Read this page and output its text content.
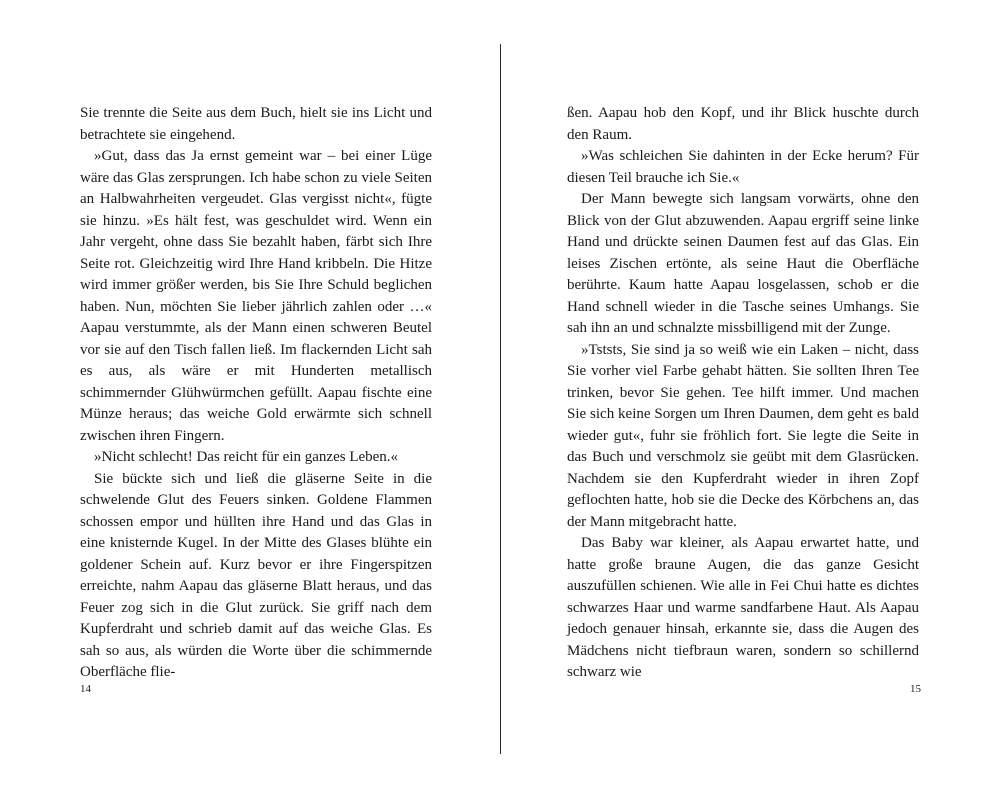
Sie trennte die Seite aus dem Buch, hielt sie ins Licht und betrachtete sie eingehend.

»Gut, dass das Ja ernst gemeint war – bei einer Lüge wäre das Glas zersprungen. Ich habe schon zu viele Seiten an Halbwahrheiten vergeudet. Glas vergisst nicht«, fügte sie hinzu. »Es hält fest, was geschuldet wird. Wenn ein Jahr vergeht, ohne dass Sie bezahlt haben, färbt sich Ihre Seite rot. Gleichzeitig wird Ihre Hand kribbeln. Die Hitze wird immer größer werden, bis Sie Ihre Schuld beglichen haben. Nun, möchten Sie lieber jährlich zahlen oder …« Aapau verstummte, als der Mann einen schweren Beutel vor sie auf den Tisch fallen ließ. Im flackernden Licht sah es aus, als wäre er mit Hunderten metallisch schimmernder Glühwürmchen gefüllt. Aapau fischte eine Münze heraus; das weiche Gold erwärmte sich schnell zwischen ihren Fingern.

»Nicht schlecht! Das reicht für ein ganzes Leben.«

Sie bückte sich und ließ die gläserne Seite in die schwelende Glut des Feuers sinken. Goldene Flammen schossen empor und hüllten ihre Hand und das Glas in eine knisternde Kugel. In der Mitte des Glases blühte ein goldener Schein auf. Kurz bevor er ihre Fingerspitzen erreichte, nahm Aapau das gläserne Blatt heraus, und das Feuer zog sich in die Glut zurück. Sie griff nach dem Kupferdraht und schrieb damit auf das weiche Glas. Es sah so aus, als würden die Worte über die schimmernde Oberfläche flie-

ßen. Aapau hob den Kopf, und ihr Blick huschte durch den Raum.

»Was schleichen Sie dahinten in der Ecke herum? Für diesen Teil brauche ich Sie.«

Der Mann bewegte sich langsam vorwärts, ohne den Blick von der Glut abzuwenden. Aapau ergriff seine linke Hand und drückte seinen Daumen fest auf das Glas. Ein leises Zischen ertönte, als seine Haut die Oberfläche berührte. Kaum hatte Aapau losgelassen, schob er die Hand schnell wieder in die Tasche seines Umhangs. Sie sah ihn an und schnalzte missbilligend mit der Zunge.

»Tststs, Sie sind ja so weiß wie ein Laken – nicht, dass Sie vorher viel Farbe gehabt hätten. Sie sollten Ihren Tee trinken, bevor Sie gehen. Tee hilft immer. Und machen Sie sich keine Sorgen um Ihren Daumen, dem geht es bald wieder gut«, fuhr sie fröhlich fort. Sie legte die Seite in das Buch und verschmolz sie geübt mit dem Glasrücken. Nachdem sie den Kupferdraht wieder in ihren Zopf geflochten hatte, hob sie die Decke des Körbchens an, das der Mann mitgebracht hatte.

Das Baby war kleiner, als Aapau erwartet hatte, und hatte große braune Augen, die das ganze Gesicht auszufüllen schienen. Wie alle in Fei Chui hatte es dichtes schwarzes Haar und warme sandfarbene Haut. Als Aapau jedoch genauer hinsah, erkannte sie, dass die Augen des Mädchens nicht tiefbraun waren, sondern so schillernd schwarz wie

14	15
